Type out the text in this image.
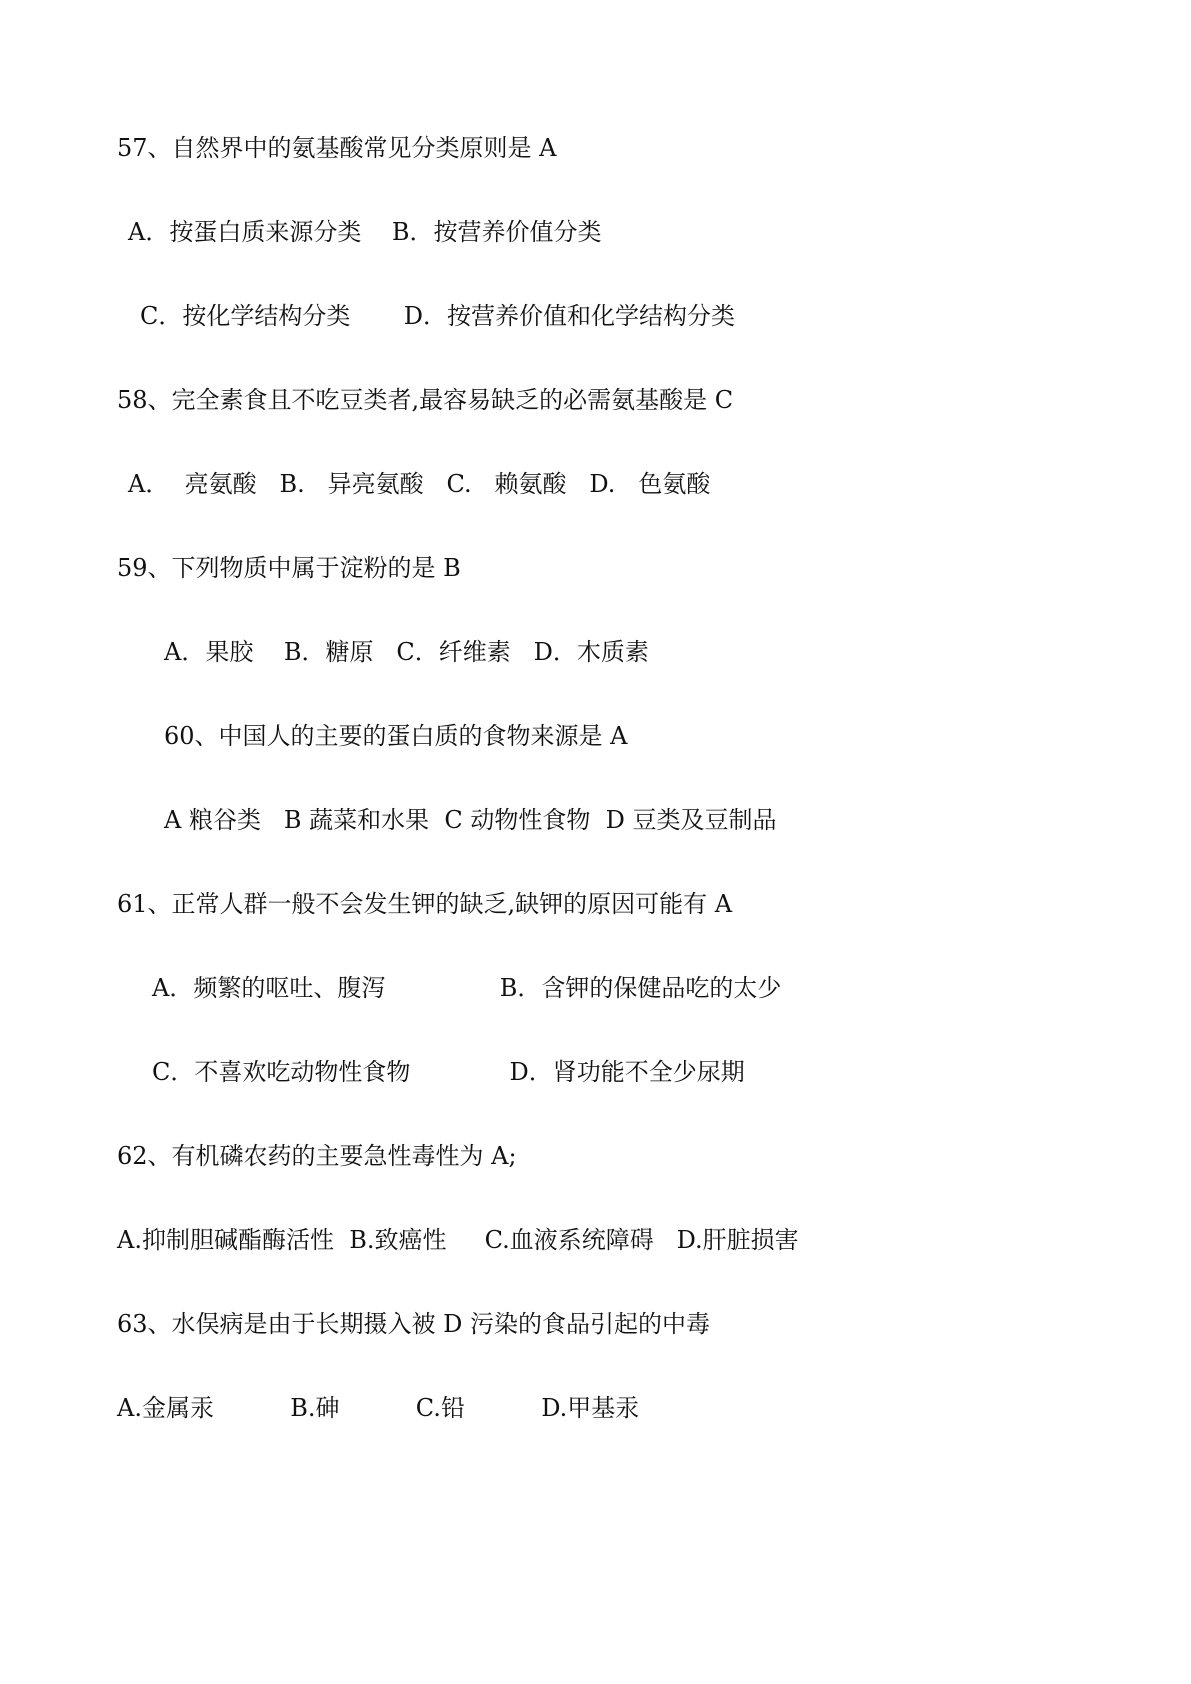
57、自然界中的氨基酸常见分类原则是 A
A．按蛋白质来源分类    B．按营养价值分类
C．按化学结构分类       D．按营养价值和化学结构分类
58、完全素食且不吃豆类者,最容易缺乏的必需氨基酸是 C
A．  亮氨酸   B.   异亮氨酸   C.   赖氨酸   D.   色氨酸
59、下列物质中属于淀粉的是 B
A．果胶    B．糖原   C．纤维素   D．木质素
60、中国人的主要的蛋白质的食物来源是 A
A 粮谷类   B 蔬菜和水果  C 动物性食物  D 豆类及豆制品
61、正常人群一般不会发生钾的缺乏,缺钾的原因可能有 A
A．频繁的呕吐、腹泻               B．含钾的保健品吃的太少
C．不喜欢吃动物性食物             D．肾功能不全少尿期
62、有机磷农药的主要急性毒性为 A;
A.抑制胆碱酯酶活性  B.致癌性     C.血液系统障碍   D.肝脏损害
63、水俣病是由于长期摄入被 D 污染的食品引起的中毒
A.金属汞          B.砷          C.铅          D.甲基汞
